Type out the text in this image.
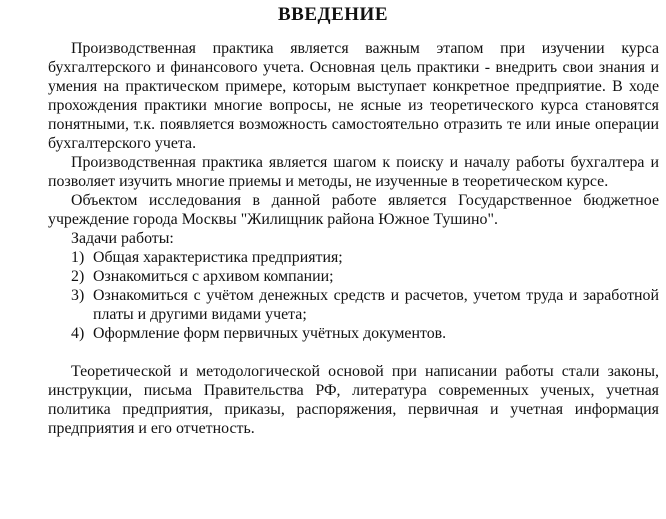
ВВЕДЕНИЕ

Производственная практика является важным этапом при изучении курса бухгалтерского и финансового учета. Основная цель практики - внедрить свои знания и умения на практическом примере, которым выступает конкретное предприятие. В ходе прохождения практики многие вопросы, не ясные из теоретического курса становятся понятными, т.к. появляется возможность самостоятельно отразить те или иные операции бухгалтерского учета.

Производственная практика является шагом к поиску и началу работы бухгалтера и позволяет изучить многие приемы и методы, не изученные в теоретическом курсе.

Объектом исследования в данной работе является Государственное бюджетное учреждение города Москвы "Жилищник района Южное Тушино".

Задачи работы:

1) Общая характеристика предприятия;
2) Ознакомиться с архивом компании;
3) Ознакомиться с учётом денежных средств и расчетов, учетом труда и заработной платы и другими видами учета;
4) Оформление форм первичных учётных документов.

Теоретической и методологической основой при написании работы стали законы, инструкции, письма Правительства РФ, литература современных ученых, учетная политика предприятия, приказы, распоряжения, первичная и учетная информация предприятия и его отчетность.
